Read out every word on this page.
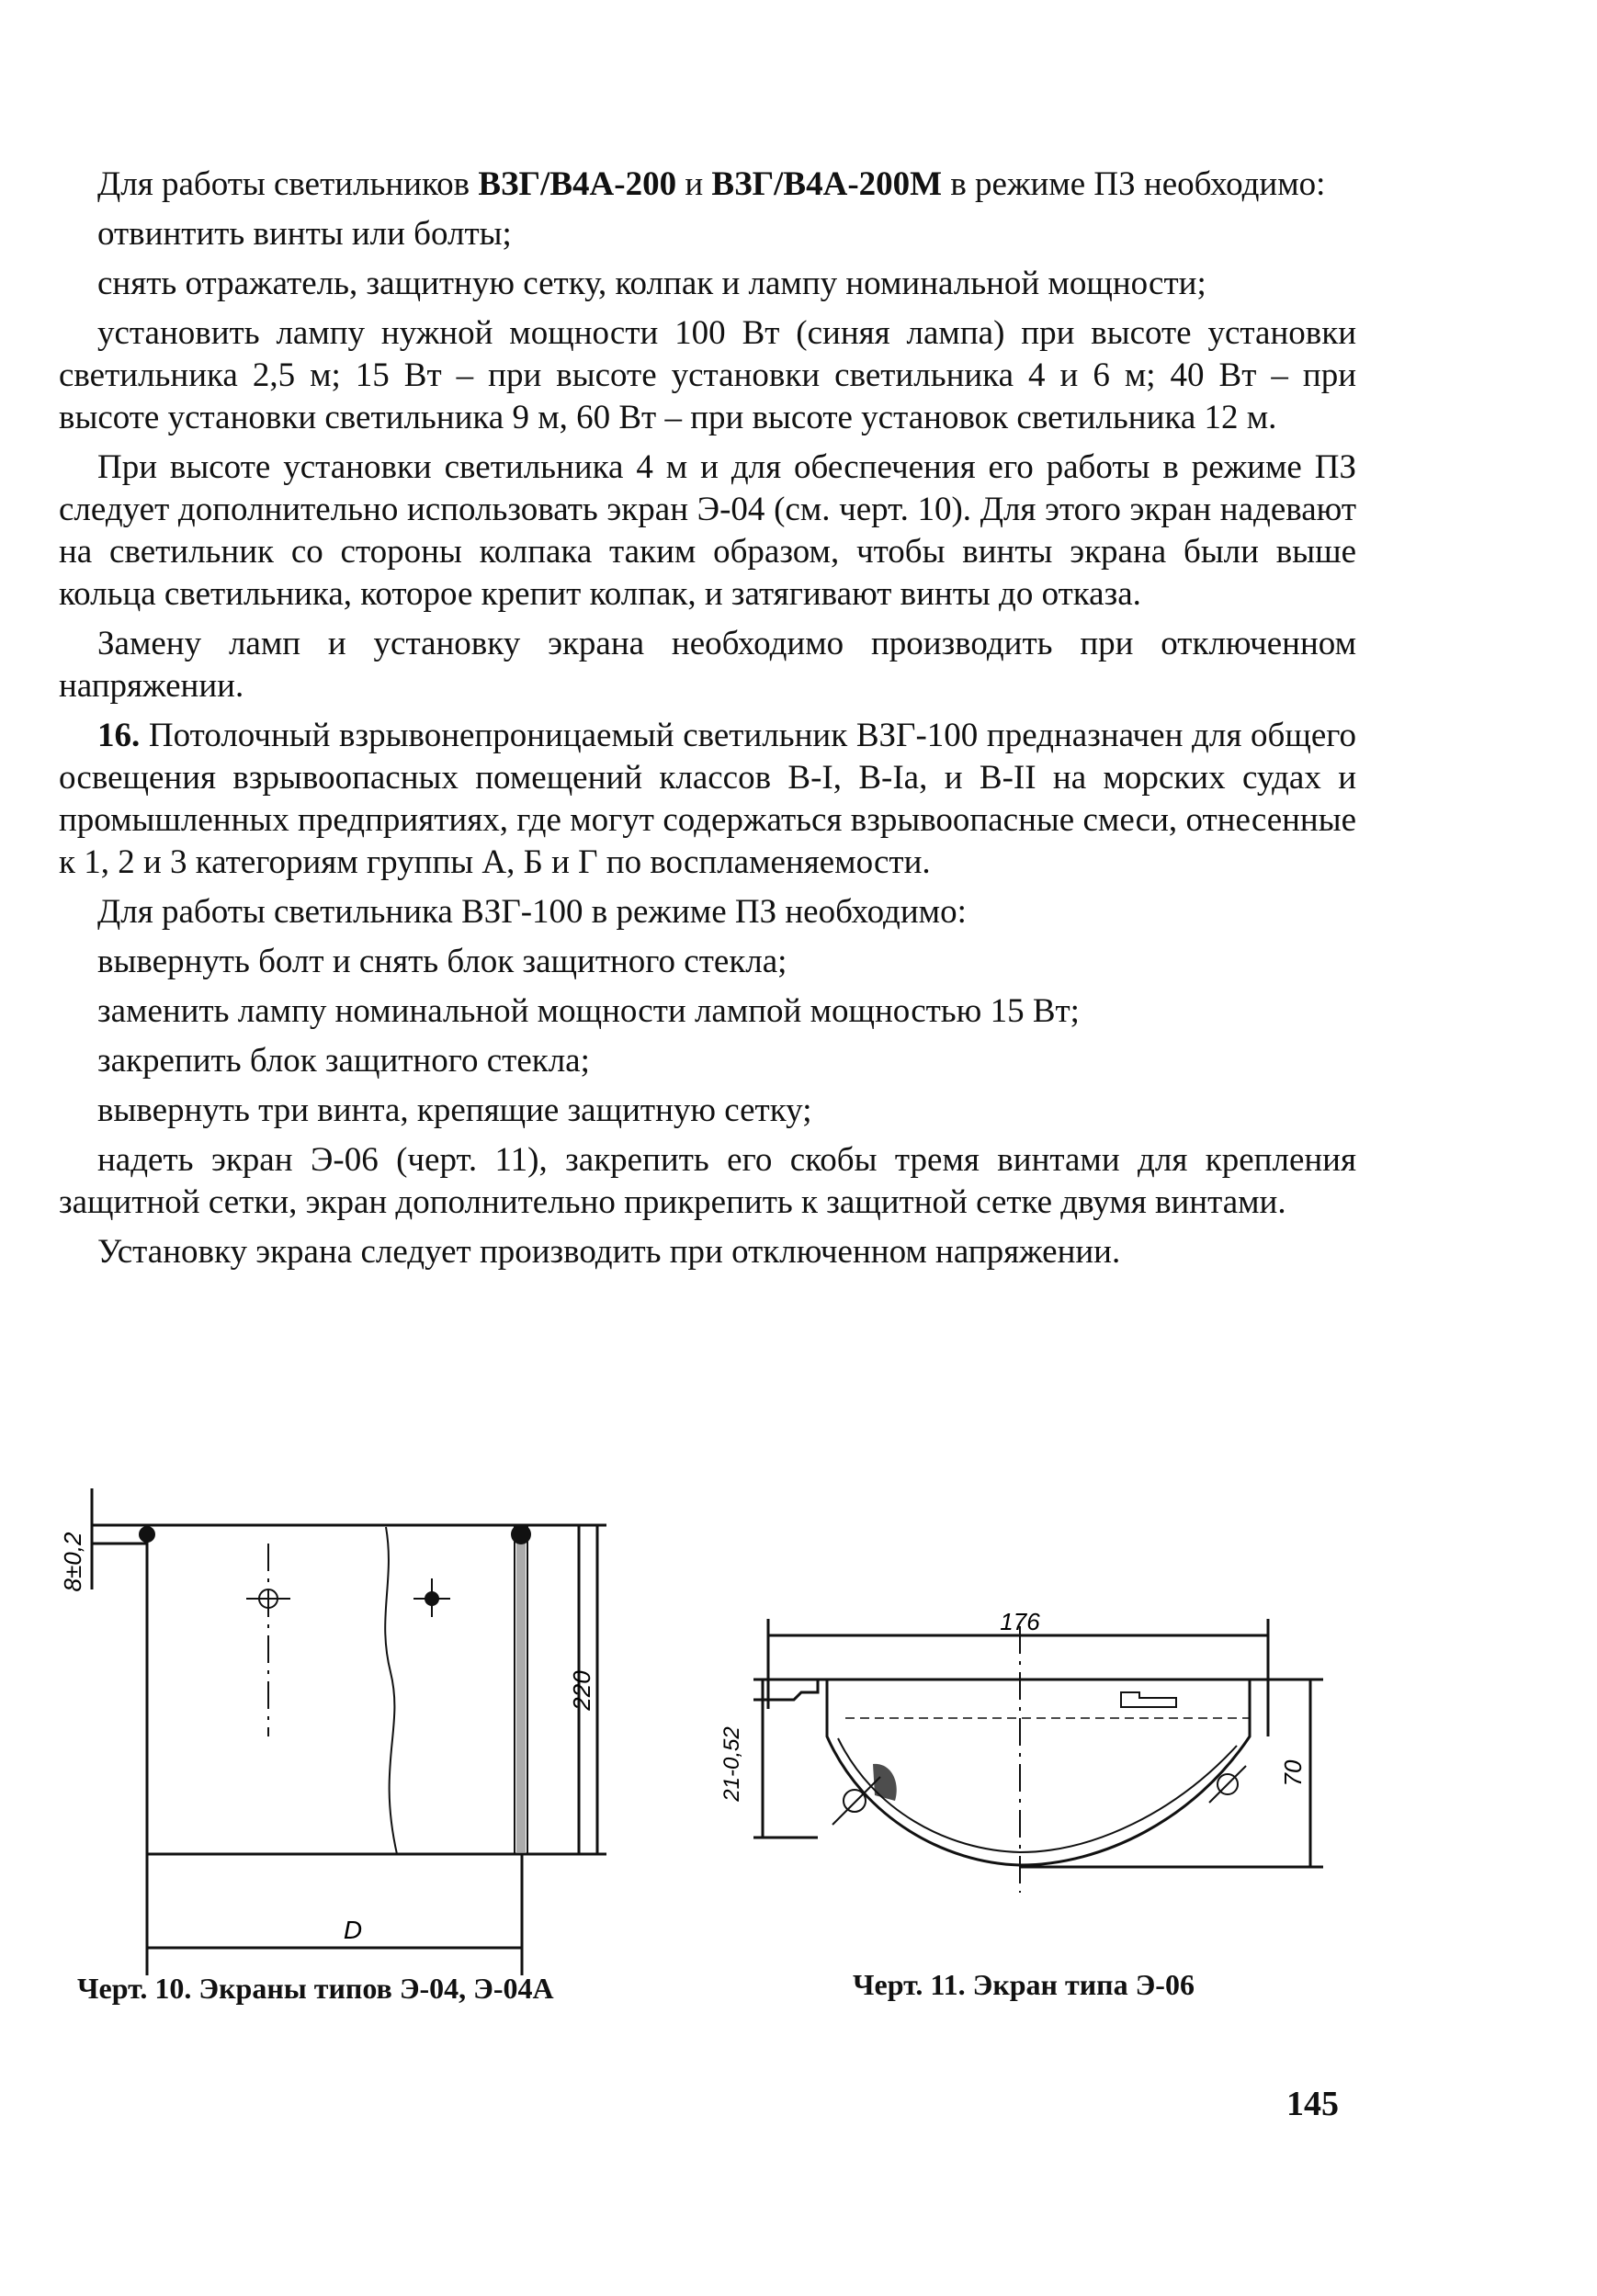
Для работы светильников ВЗГ/В4А-200 и ВЗГ/В4А-200М в режиме ПЗ необходимо:

отвинтить винты или болты;

снять отражатель, защитную сетку, колпак и лампу номинальной мощности;

установить лампу нужной мощности 100 Вт (синяя лампа) при высоте установки светильника 2,5 м; 15 Вт – при высоте установки светильника 4 и 6 м; 40 Вт – при высоте установки светильника 9 м, 60 Вт – при высоте установок светильника 12 м.

При высоте установки светильника 4 м и для обеспечения его работы в режиме ПЗ следует дополнительно использовать экран Э-04 (см. черт. 10). Для этого экран надевают на светильник со стороны колпака таким образом, чтобы винты экрана были выше кольца светильника, которое крепит колпак, и затягивают винты до отказа.

Замену ламп и установку экрана необходимо производить при отключенном напряжении.

16. Потолочный взрывонепроницаемый светильник ВЗГ-100 предназначен для общего освещения взрывоопасных помещений классов В-I, В-Iа, и В-II на морских судах и промышленных предприятиях, где могут содержаться взрывоопасные смеси, отнесенные к 1, 2 и 3 категориям группы А, Б и Г по воспламеняемости.

Для работы светильника ВЗГ-100 в режиме ПЗ необходимо:

вывернуть болт и снять блок защитного стекла;

заменить лампу номинальной мощности лампой мощностью 15 Вт;

закрепить блок защитного стекла;

вывернуть три винта, крепящие защитную сетку;

надеть экран Э-06 (черт. 11), закрепить его скобы тремя винтами для крепления защитной сетки, экран дополнительно прикрепить к защитной сетке двумя винтами.

Установку экрана следует производить при отключенном напряжении.

8±0,2
220
D
176
21-0,52	70
Черт. 10. Экраны типов Э-04, Э-04А	Черт. 11. Экран типа Э-06
145
